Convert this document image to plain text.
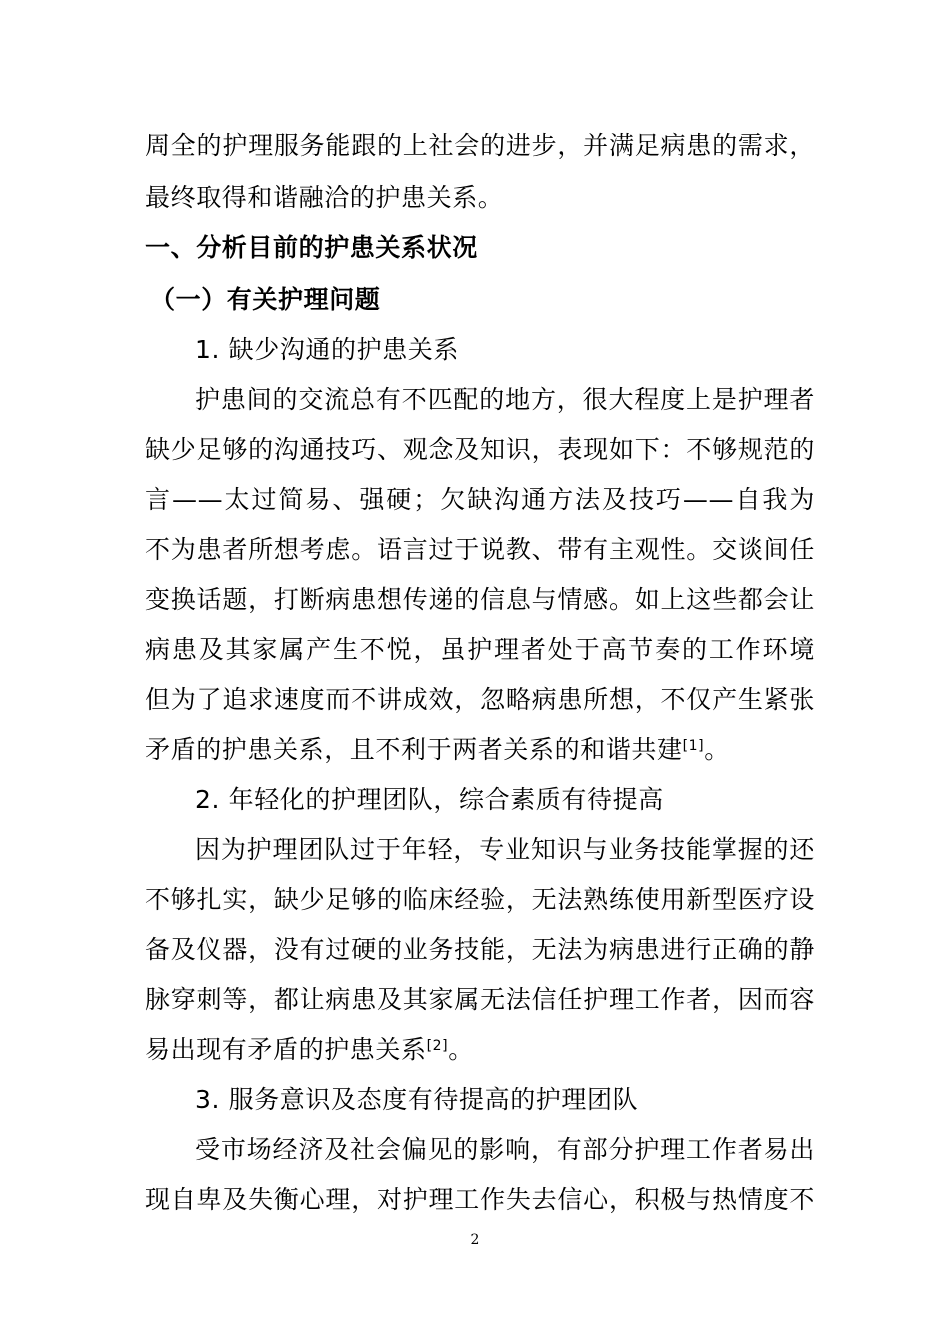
周全的护理服务能跟的上社会的进步，并满足病患的需求，
最终取得和谐融洽的护患关系。
一、分析目前的护患关系状况
（一）有关护理问题
1. 缺少沟通的护患关系
护患间的交流总有不匹配的地方，很大程度上是护理者
缺少足够的沟通技巧、观念及知识，表现如下：不够规范的
言——太过简易、强硬；欠缺沟通方法及技巧——自我为
不为患者所想考虑。语言过于说教、带有主观性。交谈间任
变换话题，打断病患想传递的信息与情感。如上这些都会让
病患及其家属产生不悦，虽护理者处于高节奏的工作环境
但为了追求速度而不讲成效，忽略病患所想，不仅产生紧张
矛盾的护患关系，且不利于两者关系的和谐共建[1]。
2. 年轻化的护理团队，综合素质有待提高
因为护理团队过于年轻，专业知识与业务技能掌握的还
不够扎实，缺少足够的临床经验，无法熟练使用新型医疗设
备及仪器，没有过硬的业务技能，无法为病患进行正确的静
脉穿刺等，都让病患及其家属无法信任护理工作者，因而容
易出现有矛盾的护患关系[2]。
3. 服务意识及态度有待提高的护理团队
受市场经济及社会偏见的影响，有部分护理工作者易出
现自卑及失衡心理，对护理工作失去信心，积极与热情度不
2
